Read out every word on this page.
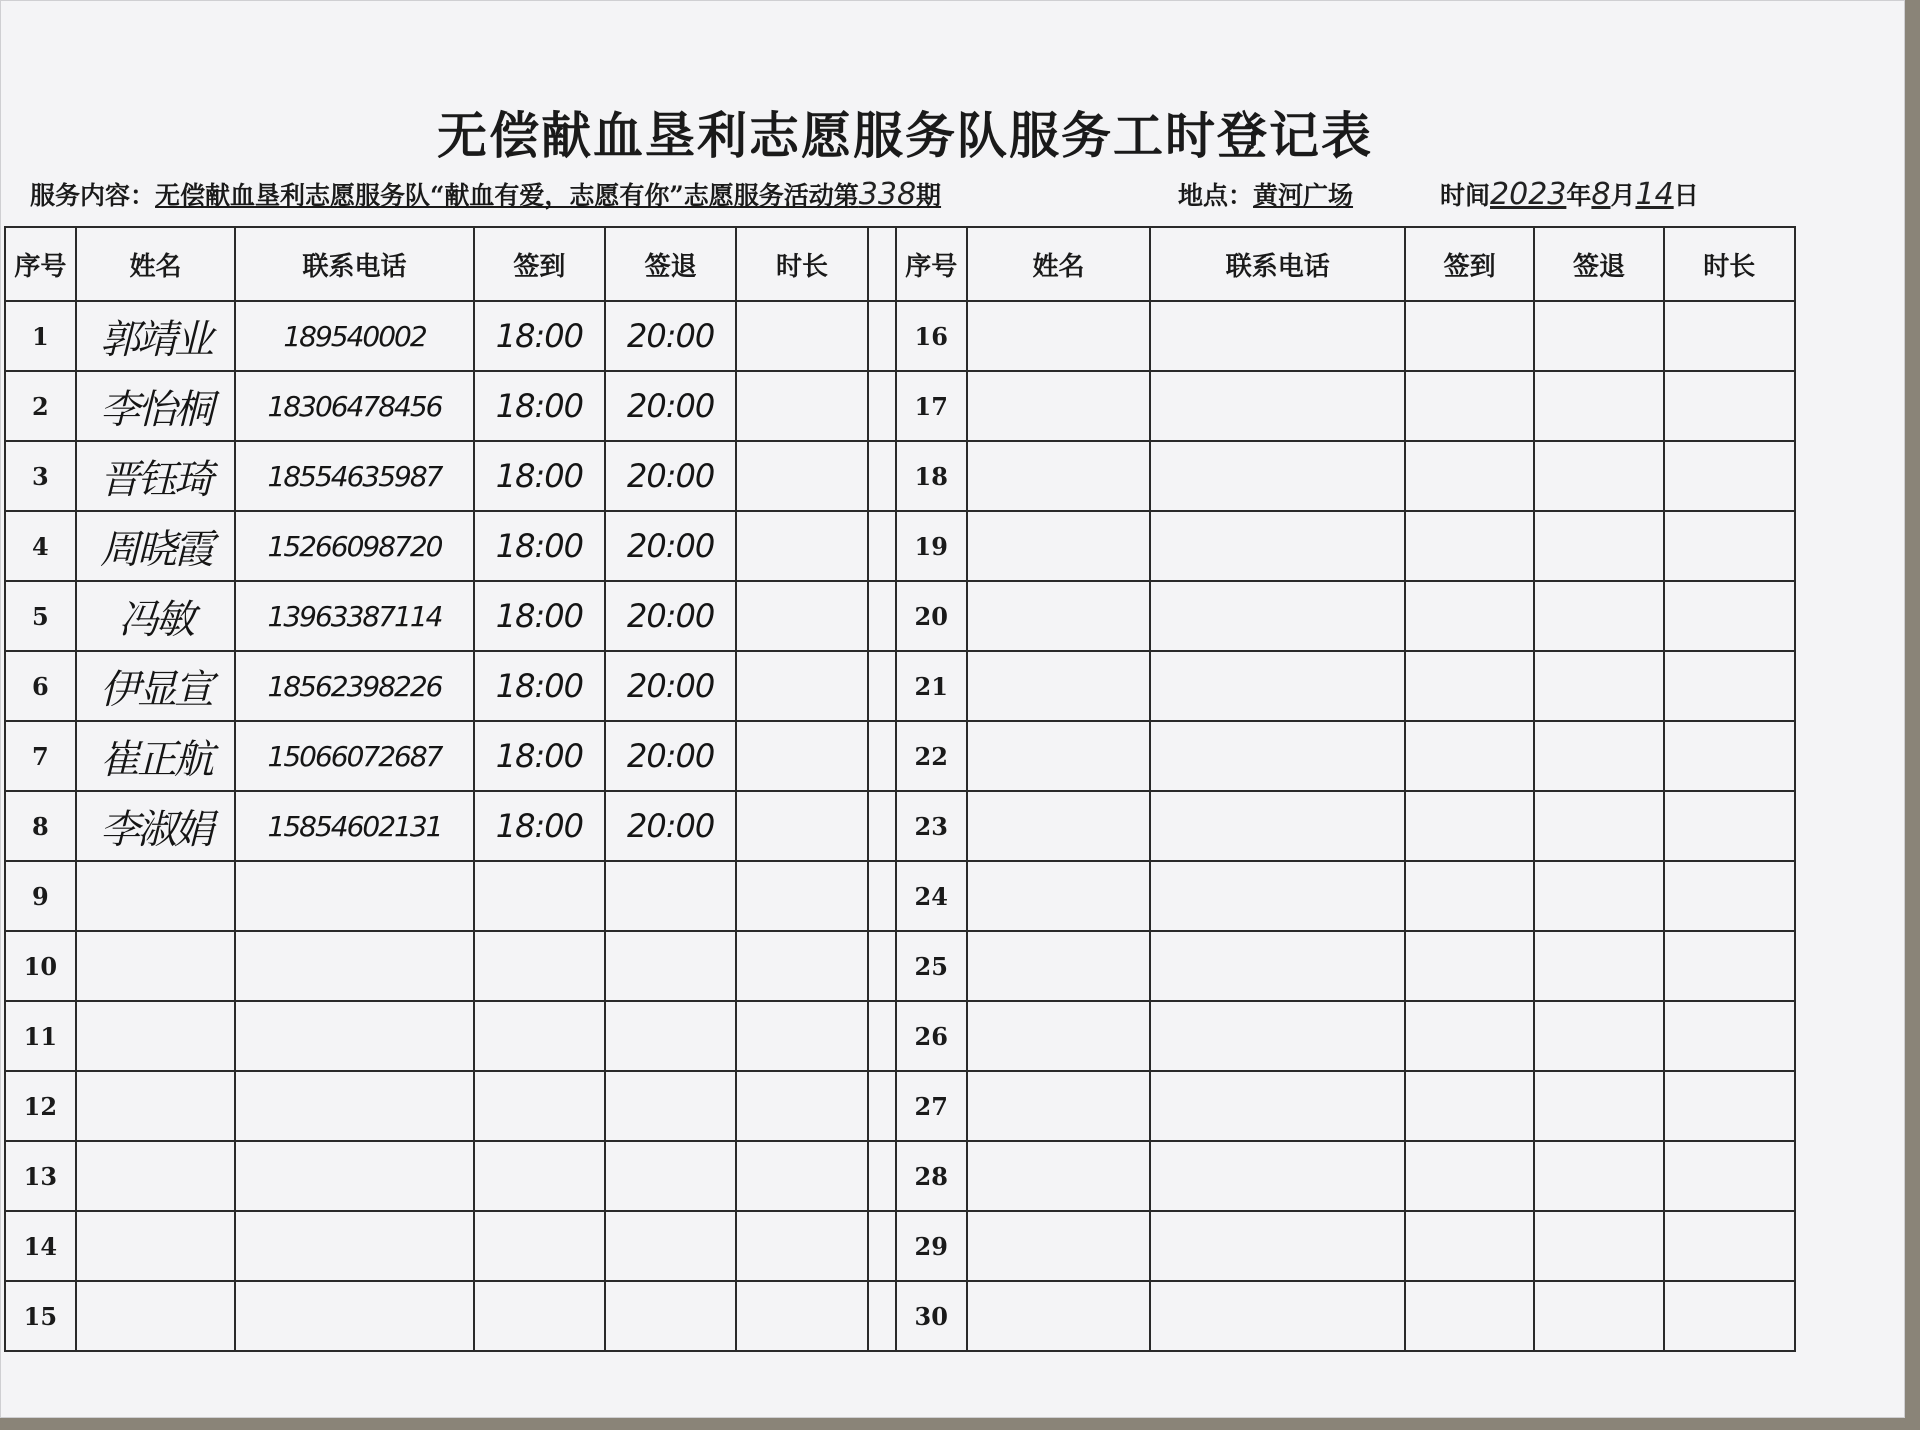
无偿献血垦利志愿服务队服务工时登记表
服务内容：无偿献血垦利志愿服务队“献血有爱，志愿有你”志愿服务活动第338期	地点：黄河广场	时间2023年8月14日
序号	姓名	联系电话	签到	签退	时长		序号	姓名	联系电话	签到	签退	时长
1	郭靖业	189540002	18:00	20:00			16					
2	李怡桐	18306478456	18:00	20:00			17					
3	晋钰琦	18554635987	18:00	20:00			18					
4	周晓霞	15266098720	18:00	20:00			19					
5	冯敏	13963387114	18:00	20:00			20					
6	伊显宣	18562398226	18:00	20:00			21					
7	崔正航	15066072687	18:00	20:00			22					
8	李淑娟	15854602131	18:00	20:00			23					
9							24					
10							25					
11							26					
12							27					
13							28					
14							29					
15							30					
